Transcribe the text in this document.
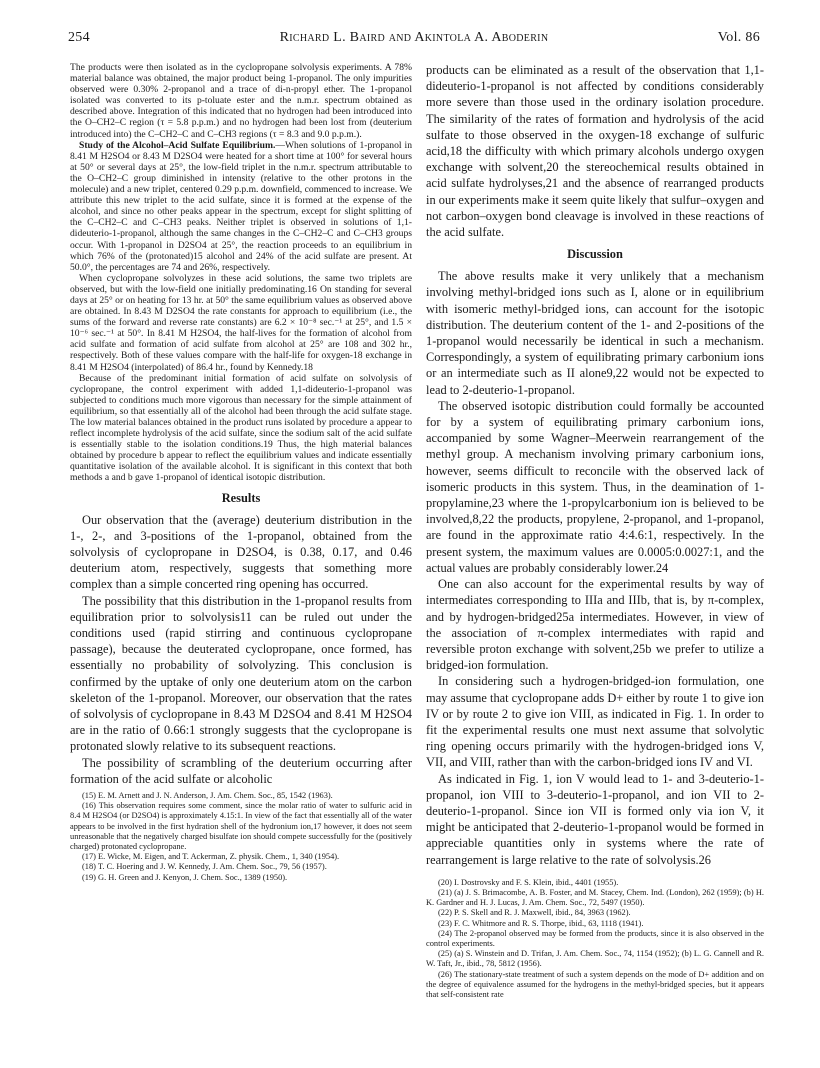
254	Richard L. Baird and Akintola A. Aboderin	Vol. 86

The products were then isolated as in the cyclopropane solvolysis experiments. A 78% material balance was obtained, the major product being 1-propanol. The only impurities observed were 0.30% 2-propanol and a trace of di-n-propyl ether. The 1-propanol isolated was converted to its p-toluate ester and the n.m.r. spectrum obtained as described above. Integration of this indicated that no hydrogen had been introduced into the O–CH2–C region (τ = 5.8 p.p.m.) and no hydrogen had been lost from (deuterium introduced into) the C–CH2–C and C–CH3 regions (τ = 8.3 and 9.0 p.p.m.).

Study of the Alcohol–Acid Sulfate Equilibrium.—When solutions of 1-propanol in 8.41 M H2SO4 or 8.43 M D2SO4 were heated for a short time at 100° for several hours at 50° or several days at 25°, the low-field triplet in the n.m.r. spectrum attributable to the O–CH2–C group diminished in intensity (relative to the other protons in the molecule) and a new triplet, centered 0.29 p.p.m. downfield, commenced to increase. We attribute this new triplet to the acid sulfate, since it is formed at the expense of the alcohol, and since no other peaks appear in the spectrum, except for slight splitting of the C–CH2–C and C–CH3 peaks. Neither triplet is observed in solutions of 1,1-dideuterio-1-propanol, although the same changes in the C–CH2–C and C–CH3 groups occur. With 1-propanol in D2SO4 at 25°, the reaction proceeds to an equilibrium in which 76% of the (protonated)15 alcohol and 24% of the acid sulfate are present. At 50.0°, the percentages are 74 and 26%, respectively.

When cyclopropane solvolyzes in these acid solutions, the same two triplets are observed, but with the low-field one initially predominating.16 On standing for several days at 25° or on heating for 13 hr. at 50° the same equilibrium values as observed above are obtained. In 8.43 M D2SO4 the rate constants for approach to equilibrium (i.e., the sums of the forward and reverse rate constants) are 6.2 × 10⁻⁸ sec.⁻¹ at 25°, and 1.5 × 10⁻⁶ sec.⁻¹ at 50°. In 8.41 M H2SO4, the half-lives for the formation of alcohol from acid sulfate and formation of acid sulfate from alcohol at 25° are 108 and 302 hr., respectively. Both of these values compare with the half-life for oxygen-18 exchange in 8.41 M H2SO4 (interpolated) of 86.4 hr., found by Kennedy.18

Because of the predominant initial formation of acid sulfate on solvolysis of cyclopropane, the control experiment with added 1,1-dideuterio-1-propanol was subjected to conditions much more vigorous than necessary for the simple attainment of equilibrium, so that essentially all of the alcohol had been through the acid sulfate stage. The low material balances obtained in the product runs isolated by procedure a appear to reflect incomplete hydrolysis of the acid sulfate, since the sodium salt of the acid sulfate is essentially stable to the isolation conditions.19 Thus, the high material balances obtained by procedure b appear to reflect the equilibrium values and indicate essentially quantitative isolation of the available alcohol. It is significant in this context that both methods a and b gave 1-propanol of identical isotopic distribution.

Results

Our observation that the (average) deuterium distribution in the 1-, 2-, and 3-positions of the 1-propanol, obtained from the solvolysis of cyclopropane in D2SO4, is 0.38, 0.17, and 0.46 deuterium atom, respectively, suggests that something more complex than a simple concerted ring opening has occurred.

The possibility that this distribution in the 1-propanol results from equilibration prior to solvolysis11 can be ruled out under the conditions used (rapid stirring and continuous cyclopropane passage), because the deuterated cyclopropane, once formed, has essentially no probability of solvolyzing. This conclusion is confirmed by the uptake of only one deuterium atom on the carbon skeleton of the 1-propanol. Moreover, our observation that the rates of solvolysis of cyclopropane in 8.43 M D2SO4 and 8.41 M H2SO4 are in the ratio of 0.66:1 strongly suggests that the cyclopropane is protonated slowly relative to its subsequent reactions.

The possibility of scrambling of the deuterium occurring after formation of the acid sulfate or alcoholic

(15) E. M. Arnett and J. N. Anderson, J. Am. Chem. Soc., 85, 1542 (1963).

(16) This observation requires some comment, since the molar ratio of water to sulfuric acid in 8.4 M H2SO4 (or D2SO4) is approximately 4.15:1. In view of the fact that essentially all of the water appears to be involved in the first hydration shell of the hydronium ion,17 however, it does not seem unreasonable that the negatively charged bisulfate ion should compete successfully for the (positively charged) protonated cyclopropane.

(17) E. Wicke, M. Eigen, and T. Ackerman, Z. physik. Chem., 1, 340 (1954).

(18) T. C. Hoering and J. W. Kennedy, J. Am. Chem. Soc., 79, 56 (1957).

(19) G. H. Green and J. Kenyon, J. Chem. Soc., 1389 (1950).

products can be eliminated as a result of the observation that 1,1-dideuterio-1-propanol is not affected by conditions considerably more severe than those used in the ordinary isolation procedure. The similarity of the rates of formation and hydrolysis of the acid sulfate to those observed in the oxygen-18 exchange of sulfuric acid,18 the difficulty with which primary alcohols undergo oxygen exchange with solvent,20 the stereochemical results obtained in acid sulfate hydrolyses,21 and the absence of rearranged products in our experiments make it seem quite likely that sulfur–oxygen and not carbon–oxygen bond cleavage is involved in these reactions of the acid sulfate.

Discussion

The above results make it very unlikely that a mechanism involving methyl-bridged ions such as I, alone or in equilibrium with isomeric methyl-bridged ions, can account for the isotopic distribution. The deuterium content of the 1- and 2-positions of the 1-propanol would necessarily be identical in such a mechanism. Correspondingly, a system of equilibrating primary carbonium ions or an intermediate such as II alone9,22 would not be expected to lead to 2-deuterio-1-propanol.

The observed isotopic distribution could formally be accounted for by a system of equilibrating primary carbonium ions, accompanied by some Wagner–Meerwein rearrangement of the methyl group. A mechanism involving primary carbonium ions, however, seems difficult to reconcile with the observed lack of isomeric products in this system. Thus, in the deamination of 1-propylamine,23 where the 1-propylcarbonium ion is believed to be involved,8,22 the products, propylene, 2-propanol, and 1-propanol, are found in the approximate ratio 4:4.6:1, respectively. In the present system, the maximum values are 0.0005:0.0027:1, and the actual values are probably considerably lower.24

One can also account for the experimental results by way of intermediates corresponding to IIIa and IIIb, that is, by π-complex, and by hydrogen-bridged25a intermediates. However, in view of the association of π-complex intermediates with rapid and reversible proton exchange with solvent,25b we prefer to utilize a bridged-ion formulation.

In considering such a hydrogen-bridged-ion formulation, one may assume that cyclopropane adds D+ either by route 1 to give ion IV or by route 2 to give ion VIII, as indicated in Fig. 1. In order to fit the experimental results one must next assume that solvolytic ring opening occurs primarily with the hydrogen-bridged ions V, VII, and VIII, rather than with the carbon-bridged ions IV and VI.

As indicated in Fig. 1, ion V would lead to 1- and 3-deuterio-1-propanol, ion VIII to 3-deuterio-1-propanol, and ion VII to 2-deuterio-1-propanol. Since ion VII is formed only via ion V, it might be anticipated that 2-deuterio-1-propanol would be formed in appreciable quantities only in systems where the rate of rearrangement is large relative to the rate of solvolysis.26

(20) I. Dostrovsky and F. S. Klein, ibid., 4401 (1955).

(21) (a) J. S. Brimacombe, A. B. Foster, and M. Stacey, Chem. Ind. (London), 262 (1959); (b) H. K. Gardner and H. J. Lucas, J. Am. Chem. Soc., 72, 5497 (1950).

(22) P. S. Skell and R. J. Maxwell, ibid., 84, 3963 (1962).

(23) F. C. Whitmore and R. S. Thorpe, ibid., 63, 1118 (1941).

(24) The 2-propanol observed may be formed from the products, since it is also observed in the control experiments.

(25) (a) S. Winstein and D. Trifan, J. Am. Chem. Soc., 74, 1154 (1952); (b) L. G. Cannell and R. W. Taft, Jr., ibid., 78, 5812 (1956).

(26) The stationary-state treatment of such a system depends on the mode of D+ addition and on the degree of equivalence assumed for the hydrogens in the methyl-bridged species, but it appears that self-consistent rate
